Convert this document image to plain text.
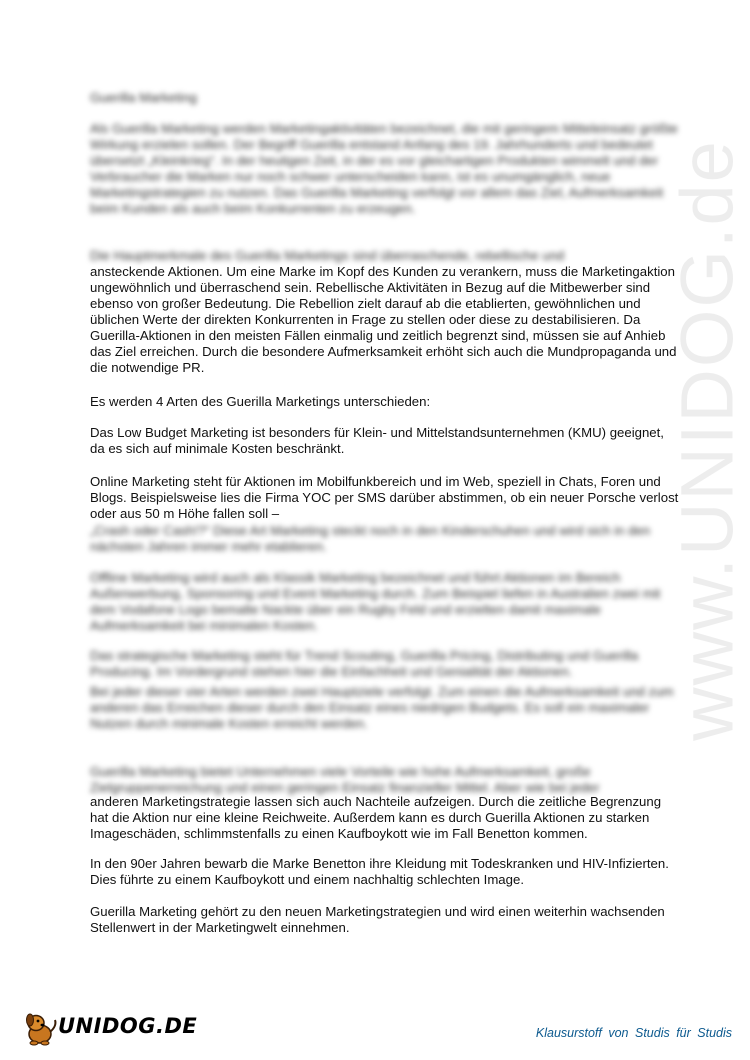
www.UNIDOG.de

Guerilla Marketing

Als Guerilla Marketing werden Marketingaktivitäten bezeichnet, die mit geringem Mitteleinsatz größte Wirkung erzielen sollen. Der Begriff Guerilla entstand Anfang des 19. Jahrhunderts und bedeutet übersetzt „Kleinkrieg“. In der heutigen Zeit, in der es vor gleichartigen Produkten wimmelt und der Verbraucher die Marken nur noch schwer unterscheiden kann, ist es unumgänglich, neue Marketingstrategien zu nutzen. Das Guerilla Marketing verfolgt vor allem das Ziel, Aufmerksamkeit beim Kunden als auch beim Konkurrenten zu erzeugen.

Die Hauptmerkmale des Guerilla Marketings sind überraschende, rebellische und

ansteckende Aktionen. Um eine Marke im Kopf des Kunden zu verankern, muss die Marketingaktion ungewöhnlich und überraschend sein. Rebellische Aktivitäten in Bezug auf die Mitbewerber sind ebenso von großer Bedeutung. Die Rebellion zielt darauf ab die etablierten, gewöhnlichen und üblichen Werte der direkten Konkurrenten in Frage zu stellen oder diese zu destabilisieren. Da Guerilla-Aktionen in den meisten Fällen einmalig und zeitlich begrenzt sind, müssen sie auf Anhieb das Ziel erreichen. Durch die besondere Aufmerksamkeit erhöht sich auch die Mundpropaganda und die notwendige PR.

Es werden 4 Arten des Guerilla Marketings unterschieden:

Das Low Budget Marketing ist besonders für Klein- und Mittelstandsunternehmen (KMU) geeignet, da es sich auf minimale Kosten beschränkt.

Online Marketing steht für Aktionen im Mobilfunkbereich und im Web, speziell in Chats, Foren und Blogs. Beispielsweise lies die Firma YOC per SMS darüber abstimmen, ob ein neuer Porsche verlost oder aus 50 m Höhe fallen soll –

„Crash oder Cash!?“ Diese Art Marketing steckt noch in den Kinderschuhen und wird sich in den nächsten Jahren immer mehr etablieren.

Offline Marketing wird auch als Klassik Marketing bezeichnet und führt Aktionen im Bereich Außenwerbung, Sponsoring und Event Marketing durch. Zum Beispiel liefen in Australien zwei mit dem Vodafone Logo bemalte Nackte über ein Rugby Feld und erzielten damit maximale Aufmerksamkeit bei minimalen Kosten.

Das strategische Marketing steht für Trend Scouting, Guerilla Pricing, Distributing und Guerilla Producing. Im Vordergrund stehen hier die Einfachheit und Genialität der Aktionen.

Bei jeder dieser vier Arten werden zwei Hauptziele verfolgt. Zum einen die Aufmerksamkeit und zum anderen das Erreichen dieser durch den Einsatz eines niedrigen Budgets. Es soll ein maximaler Nutzen durch minimale Kosten erreicht werden.

Guerilla Marketing bietet Unternehmen viele Vorteile wie hohe Aufmerksamkeit, große Zielgruppenerreichung und einen geringen Einsatz finanzieller Mittel. Aber wie bei jeder

anderen Marketingstrategie lassen sich auch Nachteile aufzeigen. Durch die zeitliche Begrenzung hat die Aktion nur eine kleine Reichweite. Außerdem kann es durch Guerilla Aktionen zu starken Imageschäden, schlimmstenfalls zu einen Kaufboykott wie im Fall Benetton kommen.

In den 90er Jahren bewarb die Marke Benetton ihre Kleidung mit Todeskranken und HIV-Infizierten. Dies führte zu einem Kaufboykott und einem nachhaltig schlechten Image.

Guerilla Marketing gehört zu den neuen Marketingstrategien und wird einen weiterhin wachsenden Stellenwert in der Marketingwelt einnehmen.

UNIDOG.DE	Klausurstoff von Studis für Studis
